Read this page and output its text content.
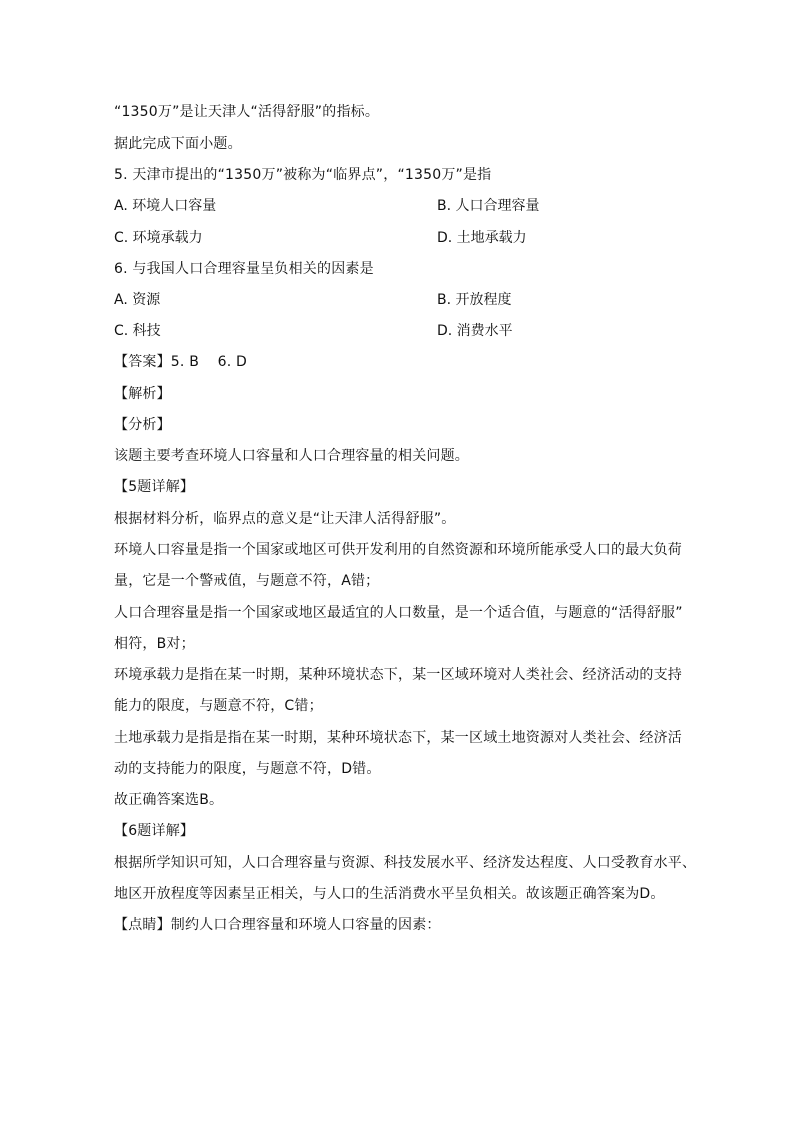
“1350万”是让天津人“活得舒服”的指标。
据此完成下面小题。
5. 天津市提出的“1350万”被称为“临界点”，“1350万”是指
A. 环境人口容量	B. 人口合理容量
C. 环境承载力	D. 土地承载力
6. 与我国人口合理容量呈负相关的因素是
A. 资源	B. 开放程度
C. 科技	D. 消费水平
【答案】5. B    6. D
【解析】
【分析】
该题主要考查环境人口容量和人口合理容量的相关问题。
【5题详解】
根据材料分析，临界点的意义是“让天津人活得舒服”。
环境人口容量是指一个国家或地区可供开发利用的自然资源和环境所能承受人口的最大负荷
量，它是一个警戒值，与题意不符，A错；
人口合理容量是指一个国家或地区最适宜的人口数量，是一个适合值，与题意的“活得舒服”
相符，B对；
环境承载力是指在某一时期，某种环境状态下，某一区域环境对人类社会、经济活动的支持
能力的限度，与题意不符，C错；
土地承载力是指是指在某一时期，某种环境状态下，某一区域土地资源对人类社会、经济活
动的支持能力的限度，与题意不符，D错。
故正确答案选B。
【6题详解】
根据所学知识可知，人口合理容量与资源、科技发展水平、经济发达程度、人口受教育水平、
地区开放程度等因素呈正相关，与人口的生活消费水平呈负相关。故该题正确答案为D。
【点睛】制约人口合理容量和环境人口容量的因素：
